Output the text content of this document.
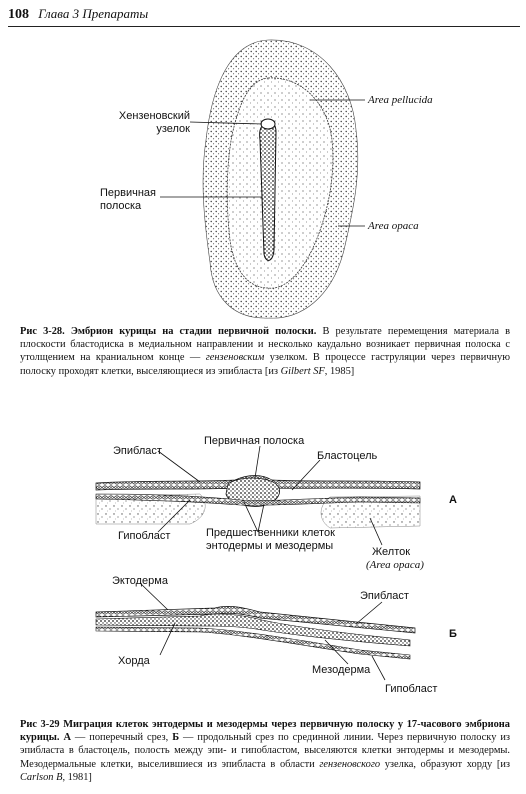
108 Глава 3 Препараты
Хензеновский узелок
Первичная полоска
Area pellucida
Area opaca
Рис 3-28. Эмбрион курицы на стадии первичной полоски. В результате перемещения материала в плоскости бластодиска в медиальном направлении и несколько каудально возникает первичная полоска с утолщением на краниальном конце — гензеновским узелком. В процессе гаструляции через первичную полоску проходят клетки, выселяющиеся из эпибласта [из Gilbert SF, 1985]
Эпибласт
Первичная полоска
Бластоцель
Гипобласт	Предшественники клеток энтодермы и мезодермы	Желток
(Area opaca)
А
Эктодерма
Эпибласт
Хорда
Мезодерма
Гипобласт
Б
Рис 3-29 Миграция клеток энтодермы и мезодермы через первичную полоску у 17-часового эмбриона курицы. А — поперечный срез, Б — продольный срез по срединной линии. Через первичную полоску из эпибласта в бластоцель, полость между эпи- и гипобластом, выселяются клетки энтодермы и мезодермы. Мезодермальные клетки, выселившиеся из эпибласта в области гензеновского узелка, образуют хорду [из Carlson B, 1981]
